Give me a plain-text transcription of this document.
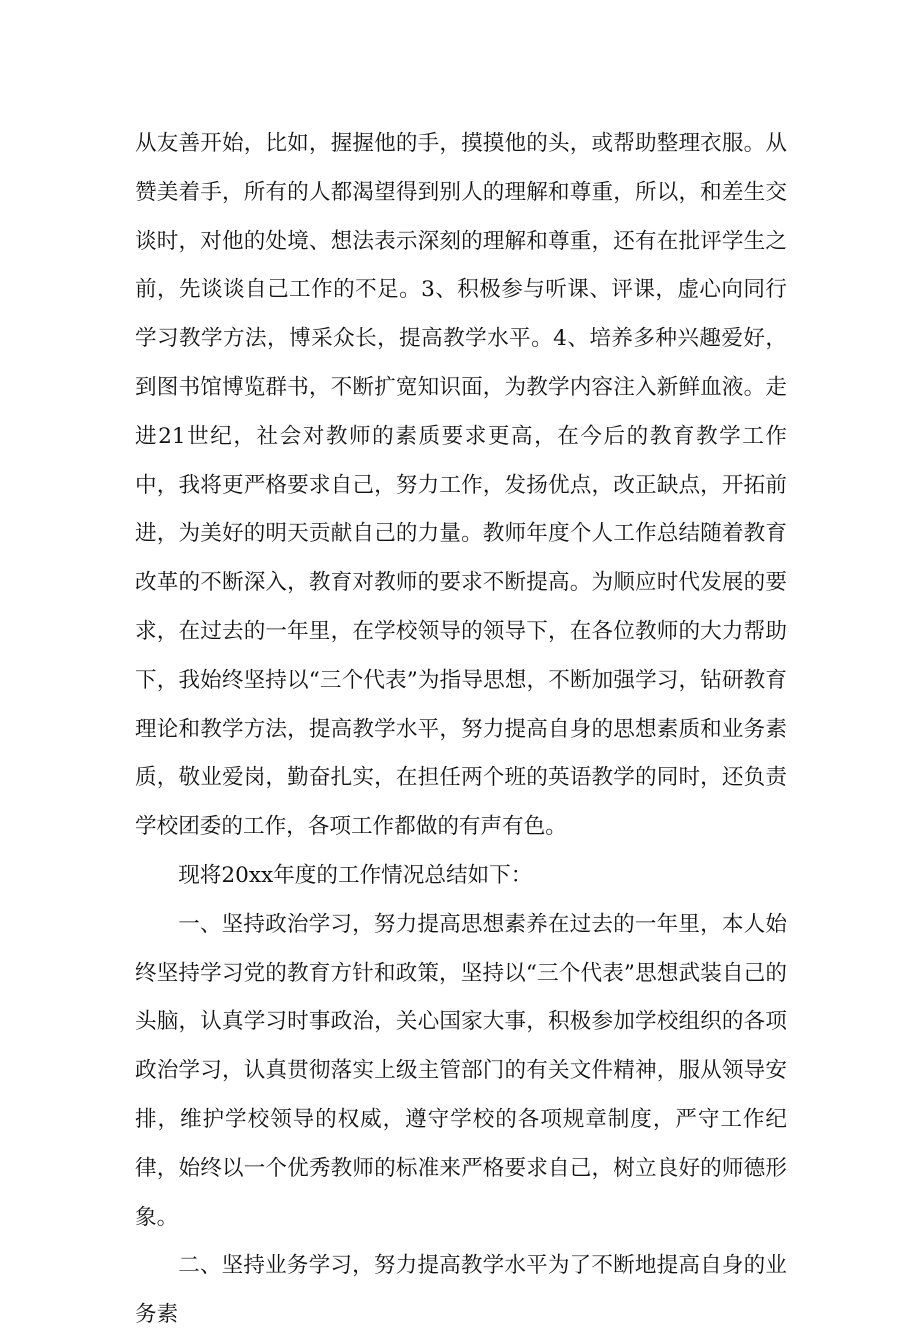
从友善开始，比如，握握他的手，摸摸他的头，或帮助整理衣服。从赞美着手，所有的人都渴望得到别人的理解和尊重，所以，和差生交谈时，对他的处境、想法表示深刻的理解和尊重，还有在批评学生之前，先谈谈自己工作的不足。3、积极参与听课、评课，虚心向同行学习教学方法，博采众长，提高教学水平。4、培养多种兴趣爱好，到图书馆博览群书，不断扩宽知识面，为教学内容注入新鲜血液。走进21世纪，社会对教师的素质要求更高，在今后的教育教学工作中，我将更严格要求自己，努力工作，发扬优点，改正缺点，开拓前进，为美好的明天贡献自己的力量。教师年度个人工作总结随着教育改革的不断深入，教育对教师的要求不断提高。为顺应时代发展的要求，在过去的一年里，在学校领导的领导下，在各位教师的大力帮助下，我始终坚持以“三个代表”为指导思想，不断加强学习，钻研教育理论和教学方法，提高教学水平，努力提高自身的思想素质和业务素质，敬业爱岗，勤奋扎实，在担任两个班的英语教学的同时，还负责学校团委的工作，各项工作都做的有声有色。

现将20xx年度的工作情况总结如下：

一、坚持政治学习，努力提高思想素养在过去的一年里，本人始终坚持学习党的教育方针和政策，坚持以“三个代表”思想武装自己的头脑，认真学习时事政治，关心国家大事，积极参加学校组织的各项政治学习，认真贯彻落实上级主管部门的有关文件精神，服从领导安排，维护学校领导的权威，遵守学校的各项规章制度，严守工作纪律，始终以一个优秀教师的标准来严格要求自己，树立良好的师德形象。

二、坚持业务学习，努力提高教学水平为了不断地提高自身的业务素
